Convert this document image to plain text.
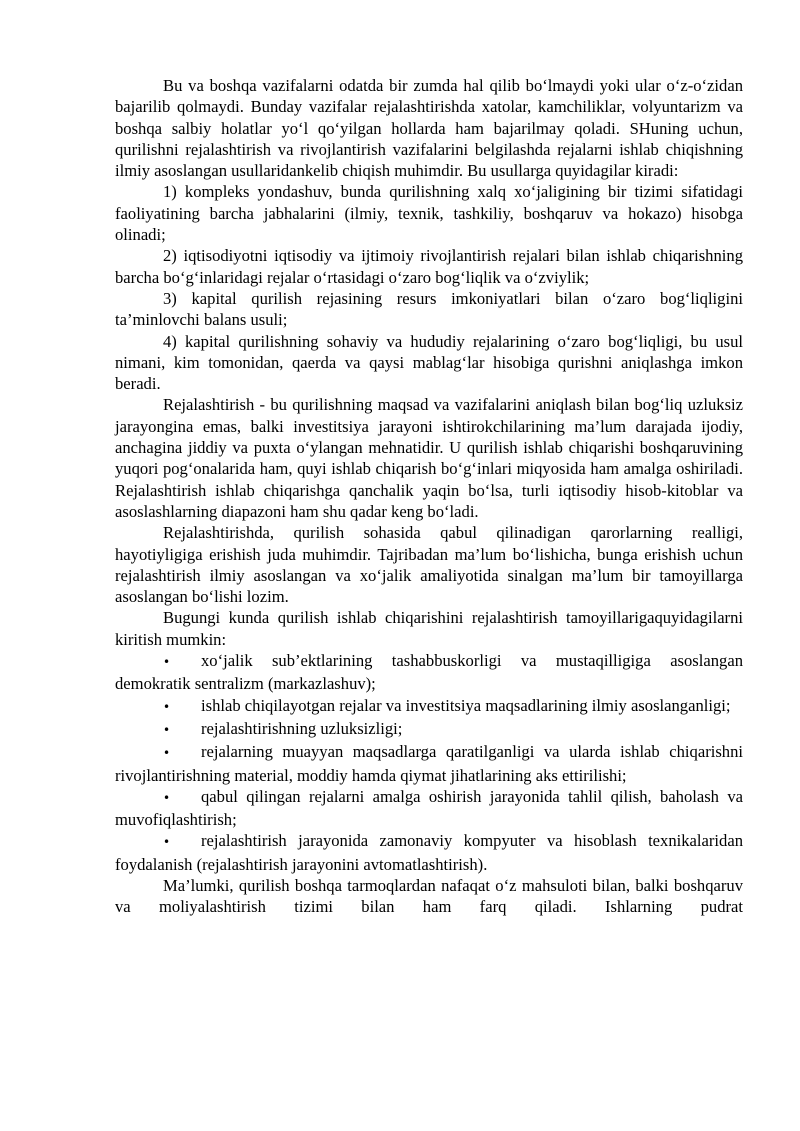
Bu va boshqa vazifalarni odatda bir zumda hal qilib bo‘lmaydi yoki ular o‘z-o‘zidan bajarilib qolmaydi. Bunday vazifalar rejalashtirishda xatolar, kamchiliklar, volyuntarizm va boshqa salbiy holatlar yo‘l qo‘yilgan hollarda ham bajarilmay qoladi. SHuning uchun, qurilishni rejalashtirish va rivojlantirish vazifalarini belgilashda rejalarni ishlab chiqishning ilmiy asoslangan usullaridankelib chiqish muhimdir. Bu usullarga quyidagilar kiradi:

1) kompleks yondashuv, bunda qurilishning xalq xo‘jaligining bir tizimi sifatidagi faoliyatining barcha jabhalarini (ilmiy, texnik, tashkiliy, boshqaruv va hokazo) hisobga olinadi;

2) iqtisodiyotni iqtisodiy va ijtimoiy rivojlantirish rejalari bilan ishlab chiqarishning barcha bo‘g‘inlaridagi rejalar o‘rtasidagi o‘zaro bog‘liqlik va o‘zviylik;

3) kapital qurilish rejasining resurs imkoniyatlari bilan o‘zaro bog‘liqligini ta’minlovchi balans usuli;

4) kapital qurilishning sohaviy va hududiy rejalarining o‘zaro bog‘liqligi, bu usul nimani, kim tomonidan, qaerda va qaysi mablag‘lar hisobiga qurishni aniqlashga imkon beradi.

Rejalashtirish - bu qurilishning maqsad va vazifalarini aniqlash bilan bog‘liq uzluksiz jarayongina emas, balki investitsiya jarayoni ishtirokchilarining ma’lum darajada ijodiy, anchagina jiddiy va puxta o‘ylangan mehnatidir. U qurilish ishlab chiqarishi boshqaruvining yuqori pog‘onalarida ham, quyi ishlab chiqarish bo‘g‘inlari miqyosida ham amalga oshiriladi. Rejalashtirish ishlab chiqarishga qanchalik yaqin bo‘lsa, turli iqtisodiy hisob-kitoblar va asoslashlarning diapazoni ham shu qadar keng bo‘ladi.

Rejalashtirishda, qurilish sohasida qabul qilinadigan qarorlarning realligi, hayotiyligiga erishish juda muhimdir. Tajribadan ma’lum bo‘lishicha, bunga erishish uchun rejalashtirish ilmiy asoslangan va xo‘jalik amaliyotida sinalgan ma’lum bir tamoyillarga asoslangan bo‘lishi lozim.

Bugungi kunda qurilish ishlab chiqarishini rejalashtirish tamoyillarigaquyidagilarni kiritish mumkin:

• xo‘jalik sub’ektlarining tashabbuskorligi va mustaqilligiga asoslangan demokratik sentralizm (markazlashuv);

• ishlab chiqilayotgan rejalar va investitsiya maqsadlarining ilmiy asoslanganligi;

• rejalashtirishning uzluksizligi;

• rejalarning muayyan maqsadlarga qaratilganligi va ularda ishlab chiqarishni rivojlantirishning material, moddiy hamda qiymat jihatlarining aks ettirilishi;

• qabul qilingan rejalarni amalga oshirish jarayonida tahlil qilish, baholash va muvofiqlashtirish;

• rejalashtirish jarayonida zamonaviy kompyuter va hisoblash texnikalaridan foydalanish (rejalashtirish jarayonini avtomatlashtirish).

Ma’lumki, qurilish boshqa tarmoqlardan nafaqat o‘z mahsuloti bilan, balki boshqaruv va moliyalashtirish tizimi bilan ham farq qiladi. Ishlarning pudrat
